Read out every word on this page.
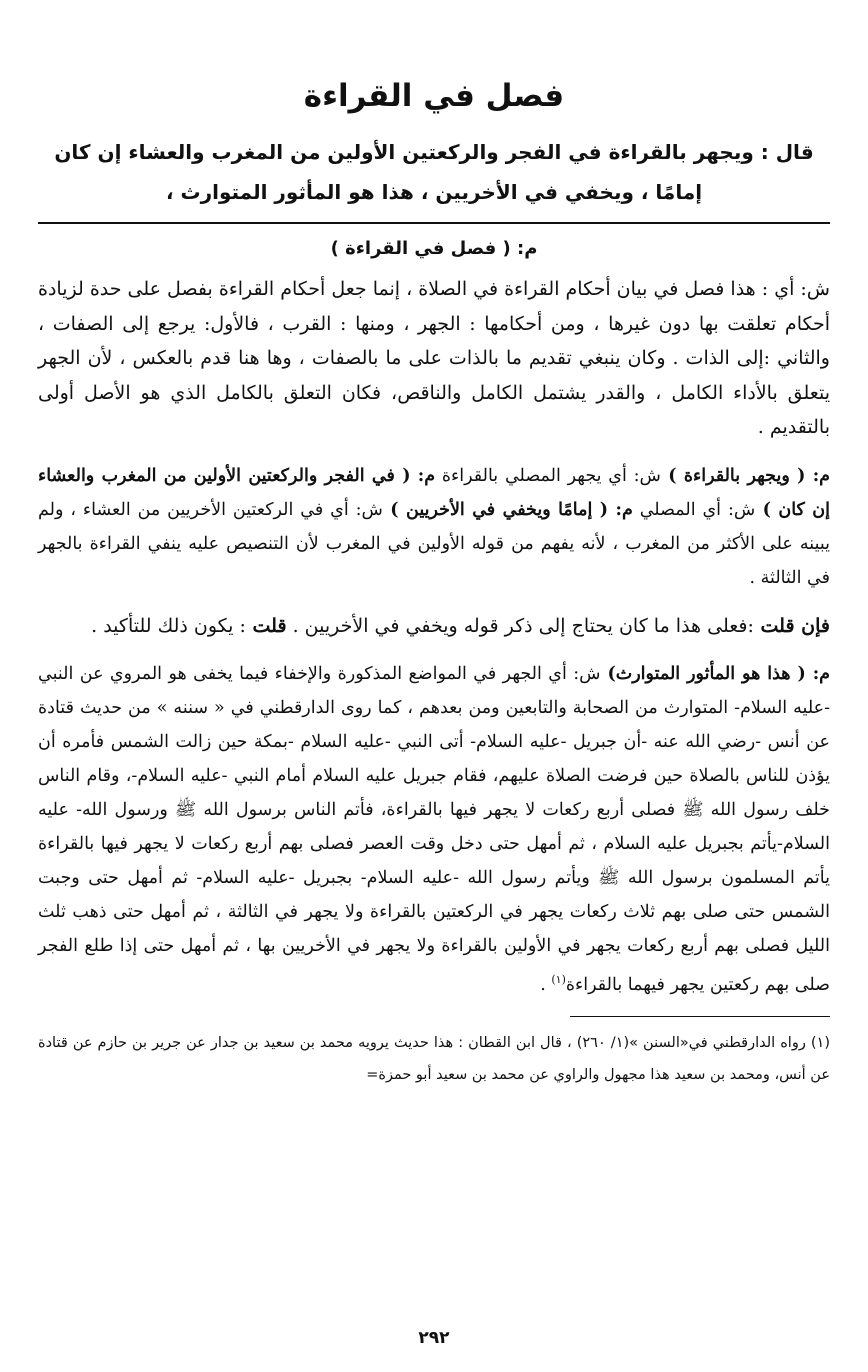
فصل في القراءة

قال : ويجهر بالقراءة في الفجر والركعتين الأولين من المغرب والعشاء إن كان إمامًا ، ويخفي في الأخريين ، هذا هو المأثور المتوارث ،

م: ( فصل في القراءة )

ش: أي : هذا فصل في بيان أحكام القراءة في الصلاة ، إنما جعل أحكام القراءة بفصل على حدة لزيادة أحكام تعلقت بها دون غيرها ، ومن أحكامها : الجهر ، ومنها : القرب ، فالأول: يرجع إلى الصفات ، والثاني :إلى الذات . وكان ينبغي تقديم ما بالذات على ما بالصفات ، وها هنا قدم بالعكس ، لأن الجهر يتعلق بالأداء الكامل ، والقدر يشتمل الكامل والناقص، فكان التعلق بالكامل الذي هو الأصل أولى بالتقديم .

م: ( ويجهر بالقراءة ) ش: أي يجهر المصلي بالقراءة م: ( في الفجر والركعتين الأولين من المغرب والعشاء إن كان ) ش: أي المصلي م: ( إمامًا ويخفي في الأخريين ) ش: أي في الركعتين الأخريين من العشاء ، ولم يبينه على الأكثر من المغرب ، لأنه يفهم من قوله الأولين في المغرب لأن التنصيص عليه ينفي القراءة بالجهر في الثالثة .

فإن قلت :فعلى هذا ما كان يحتاج إلى ذكر قوله ويخفي في الأخريين . قلت : يكون ذلك للتأكيد .

م: ( هذا هو المأثور المتوارث) ش: أي الجهر في المواضع المذكورة والإخفاء فيما يخفى هو المروي عن النبي -عليه السلام- المتوارث من الصحابة والتابعين ومن بعدهم ، كما روى الدارقطني في « سننه » من حديث قتادة عن أنس -رضي الله عنه -أن جبريل -عليه السلام- أتى النبي -عليه السلام -بمكة حين زالت الشمس فأمره أن يؤذن للناس بالصلاة حين فرضت الصلاة عليهم، فقام جبريل عليه السلام أمام النبي -عليه السلام-، وقام الناس خلف رسول الله ﷺ فصلى أربع ركعات لا يجهر فيها بالقراءة، فأتم الناس برسول الله ﷺ ورسول الله- عليه السلام-يأتم بجبريل عليه السلام ، ثم أمهل حتى دخل وقت العصر فصلى بهم أربع ركعات لا يجهر فيها بالقراءة يأتم المسلمون برسول الله ﷺ ويأتم رسول الله -عليه السلام- بجبريل -عليه السلام- ثم أمهل حتى وجبت الشمس حتى صلى بهم ثلاث ركعات يجهر في الركعتين بالقراءة ولا يجهر في الثالثة ، ثم أمهل حتى ذهب ثلث الليل فصلى بهم أربع ركعات يجهر في الأولين بالقراءة ولا يجهر في الأخريين بها ، ثم أمهل حتى إذا طلع الفجر صلى بهم ركعتين يجهر فيهما بالقراءة$^{(١)}$ .

(١) رواه الدارقطني في«السنن »(١/ ٢٦٠) ، قال ابن القطان : هذا حديث يرويه محمد بن سعيد بن جدار عن جرير بن حازم عن قتادة عن أنس، ومحمد بن سعيد هذا مجهول والراوي عن محمد بن سعيد أبو حمزة=

٢٩٢
